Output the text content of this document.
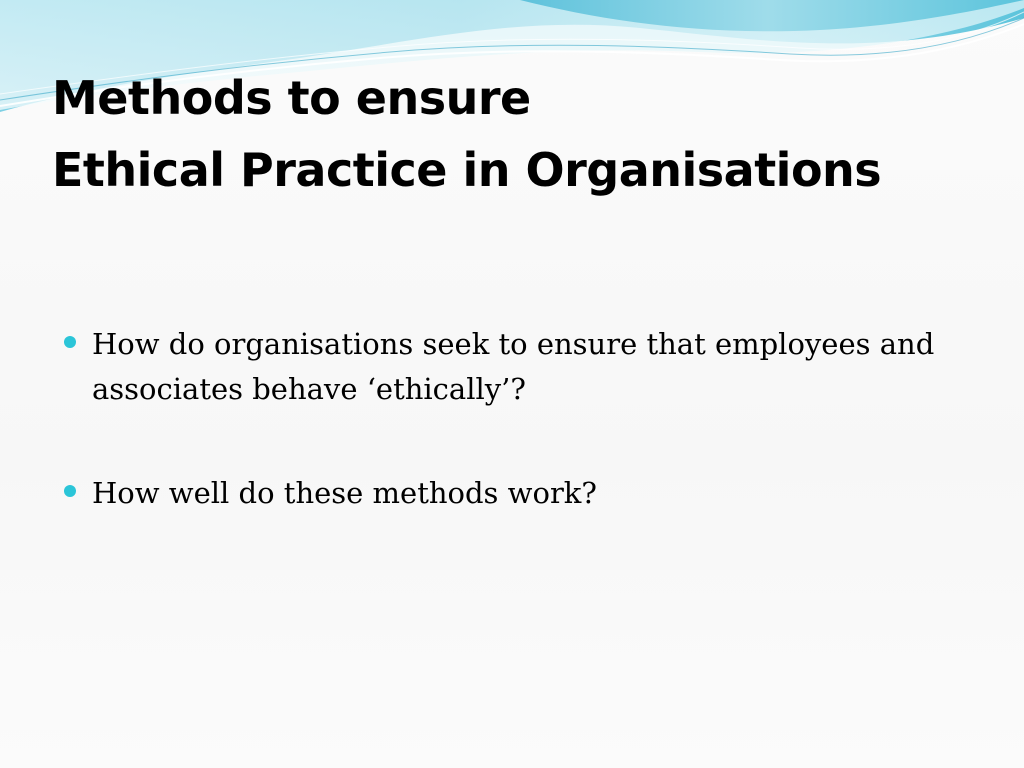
Methods to ensure
Ethical Practice in Organisations
How do organisations seek to ensure that employees and associates behave ‘ethically’?
How well do these methods work?
